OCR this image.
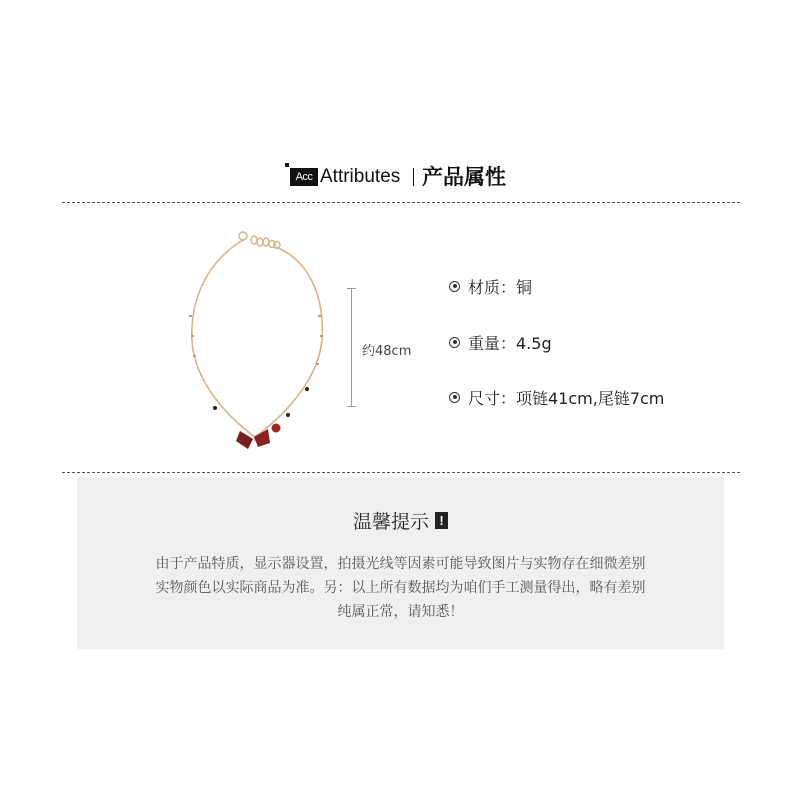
Acc Attributes 产品属性
约48cm
材质：铜
重量：4.5g
尺寸：项链41cm,尾链7cm
温馨提示 !
由于产品特质，显示器设置，拍摄光线等因素可能导致图片与实物存在细微差别
实物颜色以实际商品为准。另：以上所有数据均为咱们手工测量得出，略有差别
纯属正常，请知悉！
